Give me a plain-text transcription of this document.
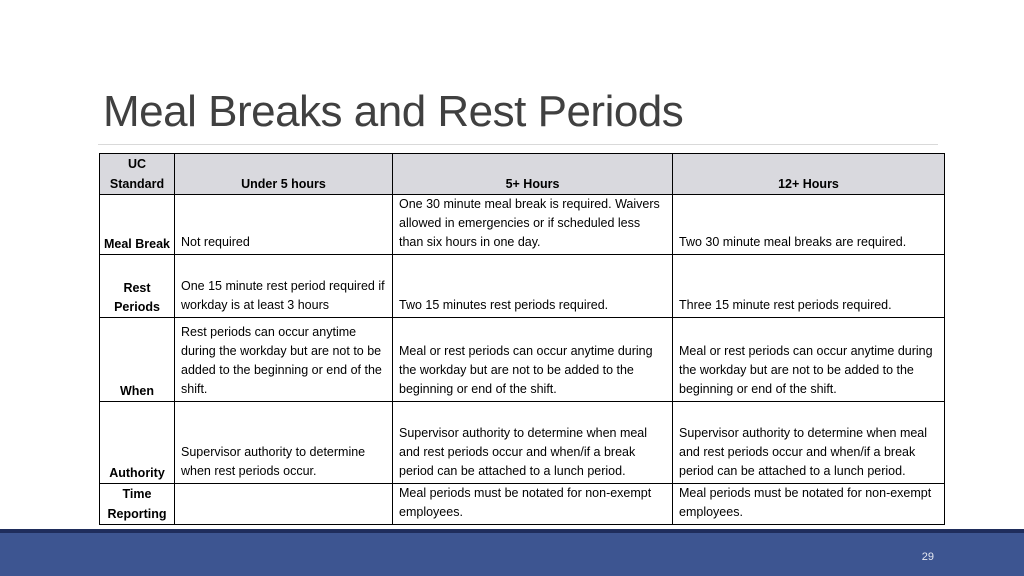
Meal Breaks and Rest Periods
UC Standard	Under 5 hours	5+ Hours	12+ Hours
Meal Break	Not required	One 30 minute meal break is required. Waivers allowed in emergencies or if scheduled less than six hours in one day.	Two 30 minute meal breaks are required.
Rest Periods	One 15 minute rest period required if workday is at least 3 hours	Two 15 minutes rest periods required.	Three 15 minute rest periods required.
When	Rest periods can occur anytime during the workday but are not to be added to the beginning or end of the shift.	Meal or rest periods can occur anytime during the workday but are not to be added to the beginning or end of the shift.	Meal or rest periods can occur anytime during the workday but are not to be added to the beginning or end of the shift.
Authority	Supervisor authority to determine when rest periods occur.	Supervisor authority to determine when meal and rest periods occur and when/if a break period can be attached to a lunch period.	Supervisor authority to determine when meal and rest periods occur and when/if a break period can be attached to a lunch period.
Time Reporting		Meal periods must be notated for non-exempt employees.	Meal periods must be notated for non-exempt employees.
29
